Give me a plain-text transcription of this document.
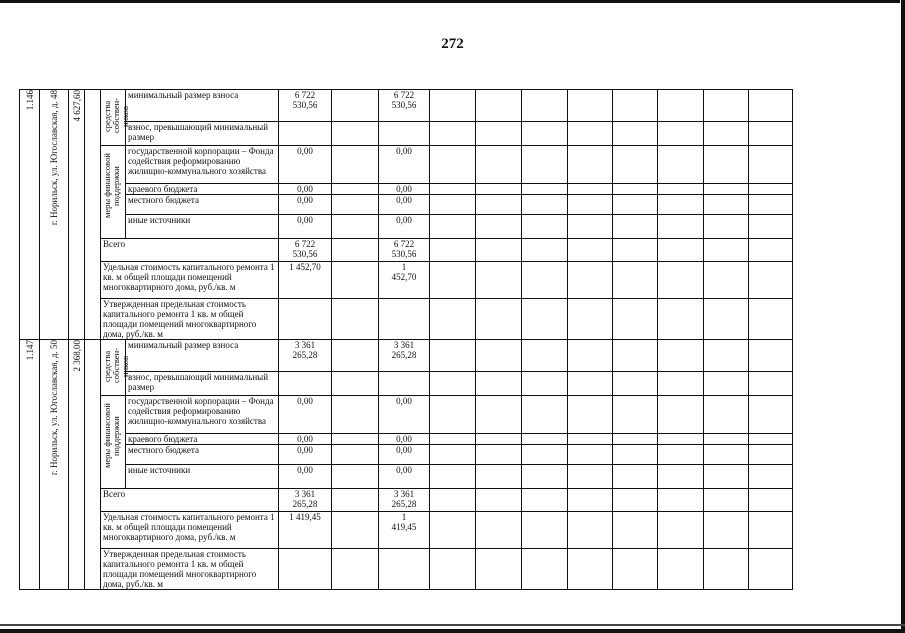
272
1.146	г. Норильск, ул. Югославская, д. 48	4 627,60		средства собствен-ников	минимальный размер взноса	6 722
530,56		6 722
530,56								
					взнос, превышающий минимальный размер											

				меры финансовой поддержки	государственной корпорации – Фонда содействия реформированию жилищно-коммунального хозяйства	0,00		0,00								
					краевого бюджета	0,00		0,00								
					местного бюджета	0,00		0,00								
					иные источники	0,00		0,00								
				Всего		6 722
530,56		6 722
530,56								
				Удельная стоимость капитального ремонта 1 кв. м общей площади помещений многоквартирного дома, руб./кв. м		1 452,70		1
452,70								
				Утвержденная предельная стоимость капитального ремонта 1 кв. м общей площади помещений многоквартирного дома, руб./кв. м												

1.147	г. Норильск, ул. Югославская, д. 50	2 368,00		средства собствен-ников	минимальный размер взноса	3 361
265,28		3 361
265,28								
					взнос, превышающий минимальный размер											

				меры финансовой поддержки	государственной корпорации – Фонда содействия реформированию жилищно-коммунального хозяйства	0,00		0,00								
					краевого бюджета	0,00		0,00								
					местного бюджета	0,00		0,00								
					иные источники	0,00		0,00								
				Всего		3 361
265,28		3 361
265,28								
				Удельная стоимость капитального ремонта 1 кв. м общей площади помещений многоквартирного дома, руб./кв. м		1 419,45		1
419,45								
				Утвержденная предельная стоимость капитального ремонта 1 кв. м общей площади помещений многоквартирного дома, руб./кв. м												
